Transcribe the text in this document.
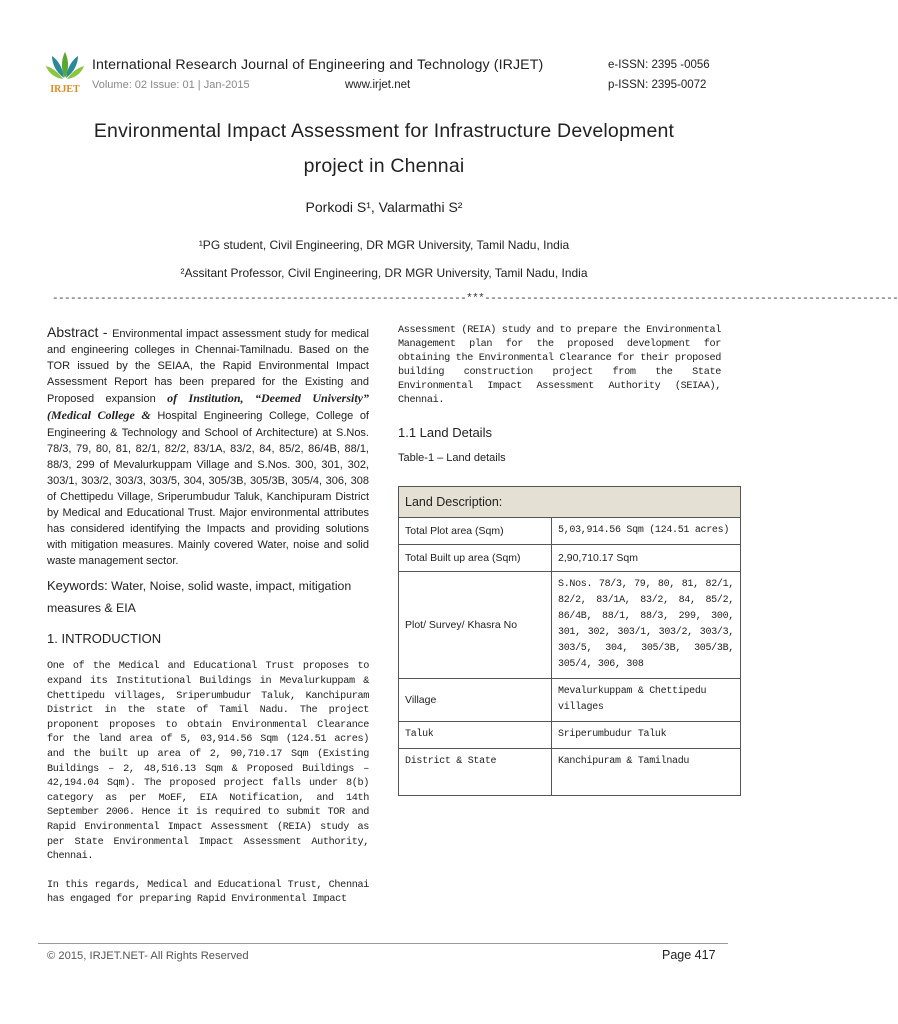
IRJET
International Research Journal of Engineering and Technology (IRJET)
Volume: 02 Issue: 01 | Jan-2015	www.irjet.net
e-ISSN: 2395 -0056
p-ISSN: 2395-0072
Environmental Impact Assessment for Infrastructure Development
project in Chennai
Porkodi S¹, Valarmathi S²
¹PG student, Civil Engineering, DR MGR University, Tamil Nadu, India
²Assitant Professor, Civil Engineering, DR MGR University, Tamil Nadu, India
---------------------------------------------------------------------***---------------------------------------------------------------------

Abstract - Environmental impact assessment study for medical and engineering colleges in Chennai-Tamilnadu. Based on the TOR issued by the SEIAA, the Rapid Environmental Impact Assessment Report has been prepared for the Existing and Proposed expansion of Institution, “Deemed University” (Medical College & Hospital Engineering College, College of Engineering & Technology and School of Architecture) at S.Nos. 78/3, 79, 80, 81, 82/1, 82/2, 83/1A, 83/2, 84, 85/2, 86/4B, 88/1, 88/3, 299 of Mevalurkuppam Village and S.Nos. 300, 301, 302, 303/1, 303/2, 303/3, 303/5, 304, 305/3B, 305/3B, 305/4, 306, 308 of Chettipedu Village, Sriperumbudur Taluk, Kanchipuram District by Medical and Educational Trust. Major environmental attributes has considered identifying the Impacts and providing solutions with mitigation measures. Mainly covered Water, noise and solid waste management sector.

Keywords: Water, Noise, solid waste, impact, mitigation measures & EIA
1. INTRODUCTION

One of the Medical and Educational Trust proposes to expand its Institutional Buildings in Mevalurkuppam & Chettipedu villages, Sriperumbudur Taluk, Kanchipuram District in the state of Tamil Nadu. The project proponent proposes to obtain Environmental Clearance for the land area of 5, 03,914.56 Sqm (124.51 acres) and the built up area of 2, 90,710.17 Sqm (Existing Buildings – 2, 48,516.13 Sqm & Proposed Buildings – 42,194.04 Sqm). The proposed project falls under 8(b) category as per MoEF, EIA Notification, and 14th September 2006. Hence it is required to submit TOR and Rapid Environmental Impact Assessment (REIA) study as per State Environmental Impact Assessment Authority, Chennai.

In this regards, Medical and Educational Trust, Chennai has engaged for preparing Rapid Environmental Impact

Assessment (REIA) study and to prepare the Environmental Management plan for the proposed development for obtaining the Environmental Clearance for their proposed building construction project from the State Environmental Impact Assessment Authority (SEIAA), Chennai.

1.1 Land Details
Table-1 – Land details
Land Description:	
Total Plot area (Sqm)	5,03,914.56 Sqm (124.51 acres)
Total Built up area (Sqm)	2,90,710.17 Sqm
Plot/ Survey/ Khasra No	S.Nos. 78/3, 79, 80, 81, 82/1, 82/2, 83/1A, 83/2, 84, 85/2, 86/4B, 88/1, 88/3, 299, 300, 301, 302, 303/1, 303/2, 303/3, 303/5, 304, 305/3B, 305/3B, 305/4, 306, 308
Village	Mevalurkuppam & Chettipedu villages
Taluk	Sriperumbudur Taluk
District & State	Kanchipuram & Tamilnadu
© 2015, IRJET.NET- All Rights Reserved	Page 417
